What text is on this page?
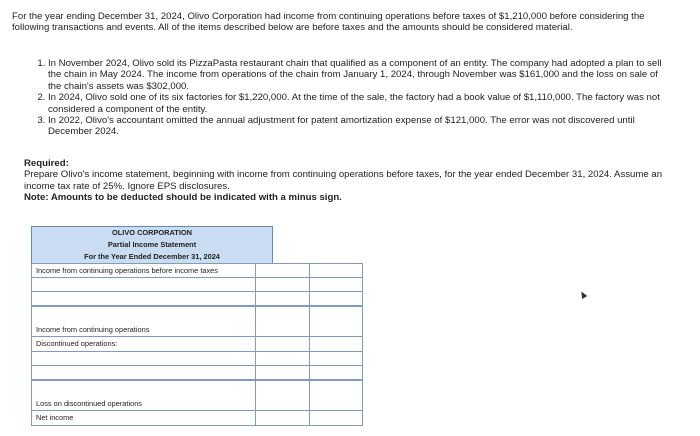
For the year ending December 31, 2024, Olivo Corporation had income from continuing operations before taxes of $1,210,000 before considering the following transactions and events. All of the items described below are before taxes and the amounts should be considered material.
1. In November 2024, Olivo sold its PizzaPasta restaurant chain that qualified as a component of an entity. The company had adopted a plan to sell the chain in May 2024. The income from operations of the chain from January 1, 2024, through November was $161,000 and the loss on sale of the chain's assets was $302,000.
2. In 2024, Olivo sold one of its six factories for $1,220,000. At the time of the sale, the factory had a book value of $1,110,000. The factory was not considered a component of the entity.
3. In 2022, Olivo's accountant omitted the annual adjustment for patent amortization expense of $121,000. The error was not discovered until December 2024.
Required:
Prepare Olivo's income statement, beginning with income from continuing operations before taxes, for the year ended December 31, 2024. Assume an income tax rate of 25%. Ignore EPS disclosures.
Note: Amounts to be deducted should be indicated with a minus sign.
OLIVO CORPORATION
Partial Income Statement
For the Year Ended December 31, 2024
Income from continuing operations before income taxes
Income from continuing operations
Discontinued operations:
Loss on discontinued operations
Net income
